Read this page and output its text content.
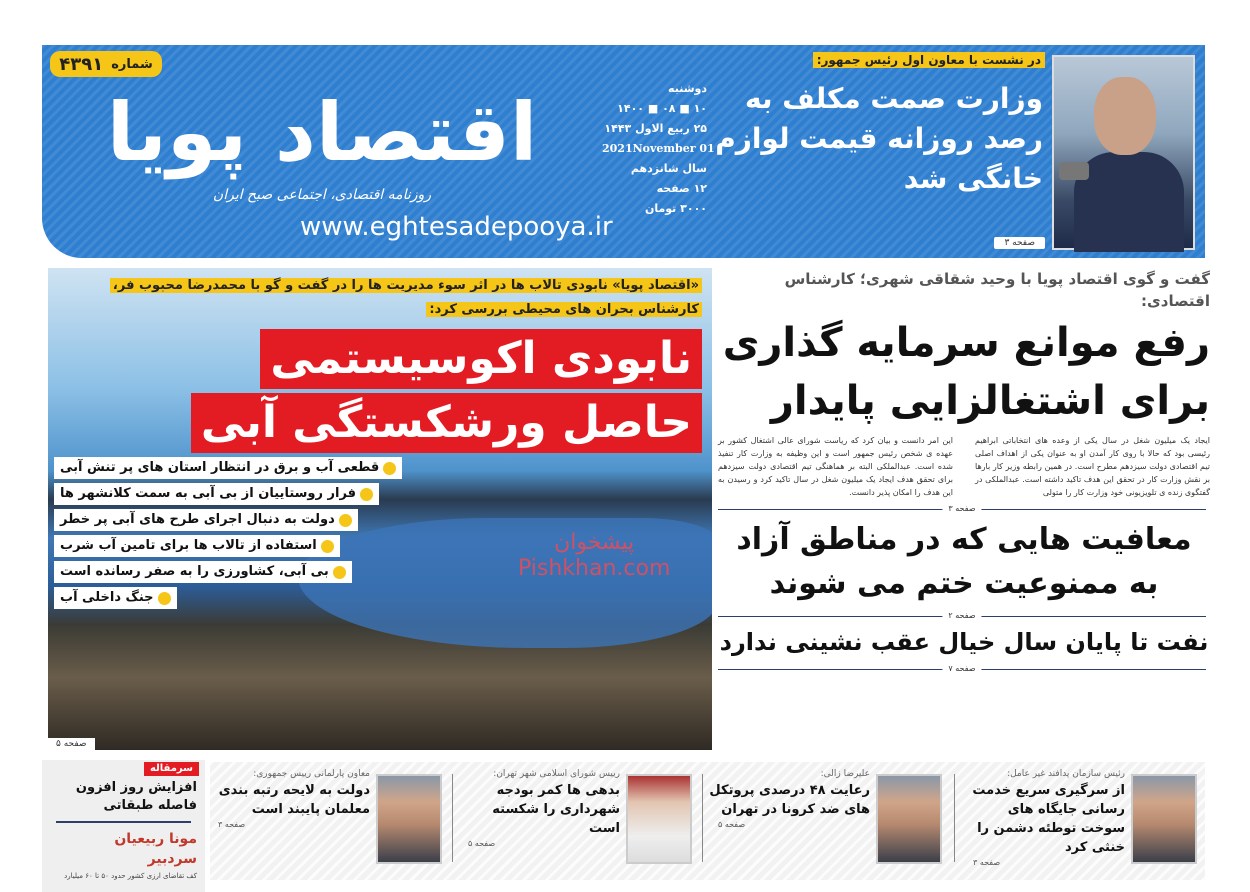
شماره
۴۳۹۱
اقتصاد پویا
روزنامه اقتصادی، اجتماعی صبح ایران
www.eghtesadepooya.ir
دوشنبه
۱۰ ■ ۰۸ ■ ۱۴۰۰
۲۵ ربیع الاول ۱۴۴۳
2021November 01
سال شانزدهم
۱۲ صفحه
۳۰۰۰ تومان
در نشست با معاون اول رئیس جمهور:
وزارت صمت مکلف به رصد روزانه قیمت لوازم خانگی شد
صفحه ۳
«اقتصاد پویا» نابودی تالاب ها در اثر سوء مدیریت ها را در گفت و گو با محمدرضا محبوب فر، کارشناس بحران های محیطی بررسی کرد:
نابودی اکوسیستمی
حاصل ورشکستگی آبی
قطعی آب و برق در انتظار استان های پر تنش آبی
فرار روستاییان از بی آبی به سمت کلانشهر ها
دولت به دنبال اجرای طرح های آبی پر خطر
استفاده از تالاب ها برای تامین آب شرب
بی آبی، کشاورزی را به صفر رسانده است
جنگ داخلی آب
پیشخوان
Pishkhan.com
صفحه ۵
گفت و گوی اقتصاد پویا با وحید شقاقی شهری؛ کارشناس اقتصادی:
رفع موانع سرمایه گذاری برای اشتغالزایی پایدار
ایجاد یک میلیون شغل در سال یکی از وعده های انتخاباتی ابراهیم رئیسی بود که حالا با روی کار آمدن او به عنوان یکی از اهداف اصلی تیم اقتصادی دولت سیزدهم مطرح است. در همین رابطه وزیر کار بارها بر نقش وزارت کار در تحقق این هدف تاکید داشته است. عبدالملکی در گفتگوی زنده ی تلویزیونی خود وزارت کار را متولی
این امر دانست و بیان کرد که ریاست شورای عالی اشتغال کشور بر عهده ی شخص رئیس جمهور است و این وظیفه به وزارت کار تنفیذ شده است. عبدالملکی البته بر هماهنگی تیم اقتصادی دولت سیزدهم برای تحقق هدف ایجاد یک میلیون شغل در سال تاکید کرد و رسیدن به این هدف را امکان پذیر دانست.
صفحه ۳
معافیت هایی که در مناطق آزاد به ممنوعیت ختم می شوند
صفحه ۲
نفت تا پایان سال خیال عقب نشینی ندارد
صفحه ۷
سرمقاله
افزایش روز افزون فاصله طبقاتی
مونا ربیعیان
سردبیر
کف تقاضای ارزی کشور حدود ۵۰ تا ۶۰ میلیارد
رئیس سازمان پدافند غیر عامل:
از سرگیری سریع خدمت رسانی جایگاه های سوخت توطئه دشمن را خنثی کرد
صفحه ۳
علیرضا زالی:
رعایت ۴۸ درصدی پروتکل های ضد کرونا در تهران
صفحه ۵
رییس شورای اسلامی شهر تهران:
بدهی ها کمر بودجه شهرداری را شکسته است
صفحه ۵
معاون پارلمانی رییس جمهوری:
دولت به لایحه رتبه بندی معلمان پایبند است
صفحه ۳
